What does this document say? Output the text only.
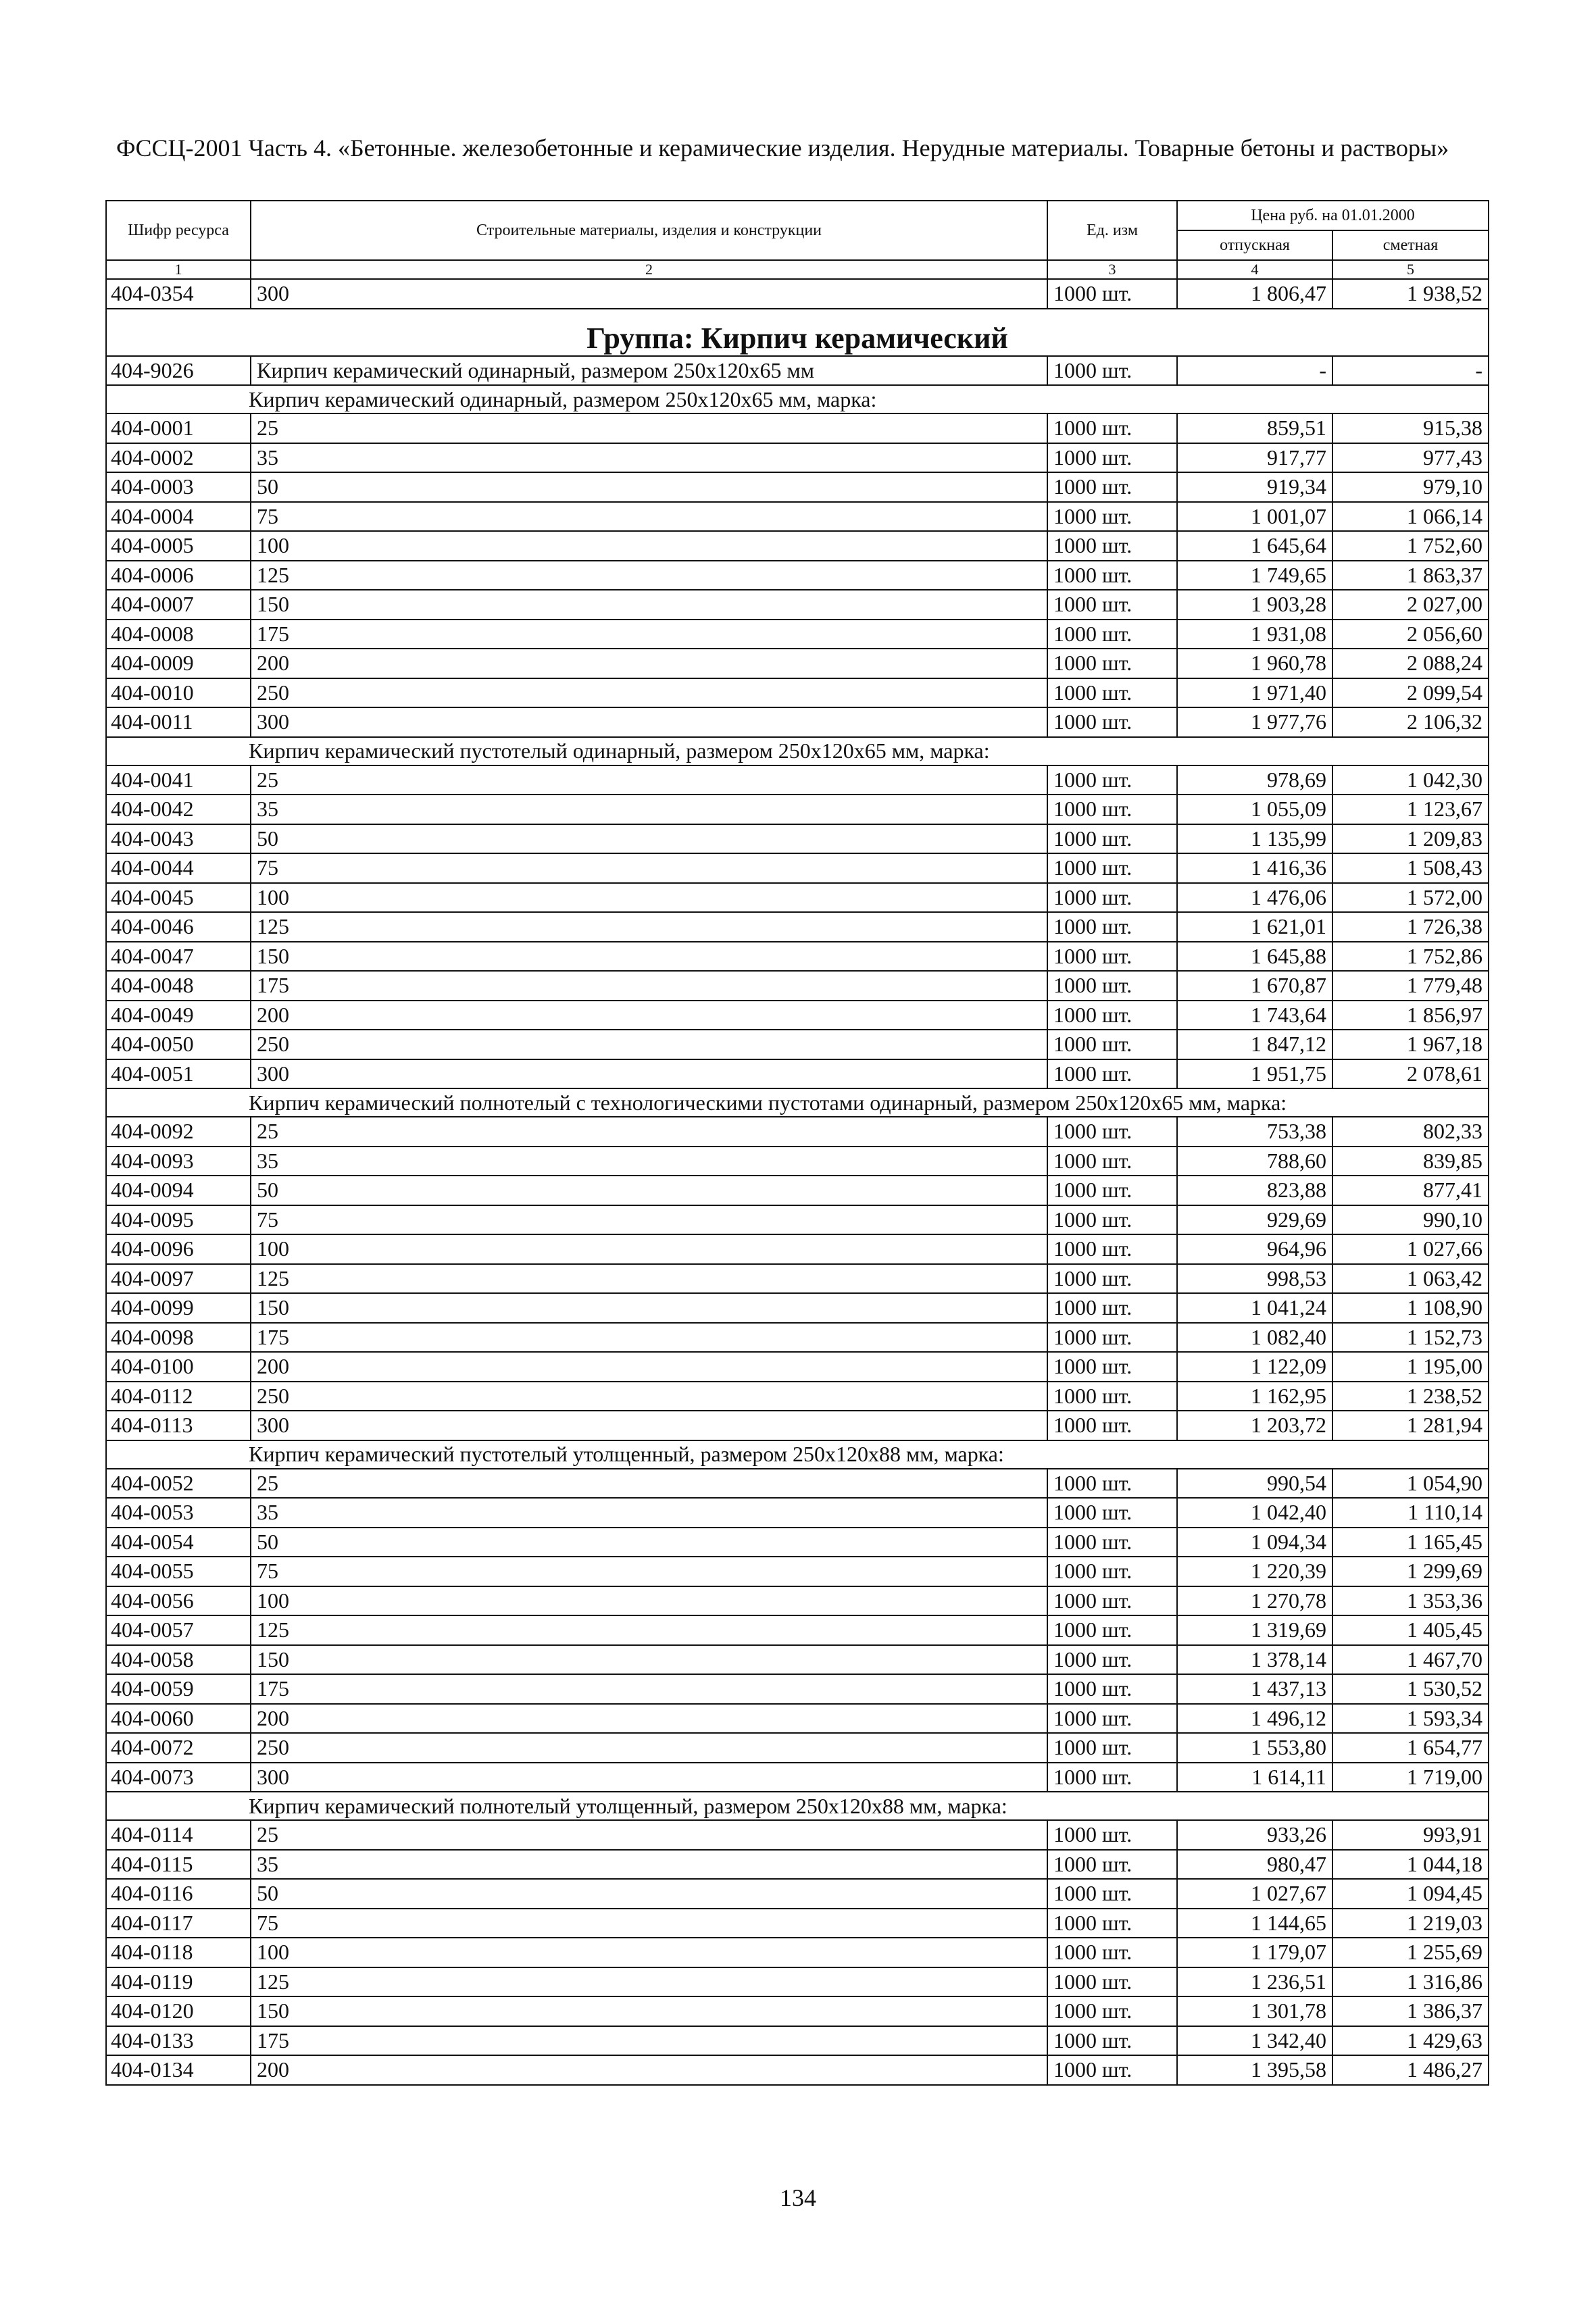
ФССЦ-2001 Часть 4. «Бетонные. железобетонные и керамические изделия. Нерудные материалы. Товарные бетоны и растворы»
Шифр ресурса	Строительные материалы, изделия и конструкции	Ед. изм	Цена руб. на 01.01.2000	
			отпускная	сметная
1	2	3	4	5
404-0354	300	1000 шт.	1 806,47	1 938,52
Группа: Кирпич керамический				
404-9026	Кирпич керамический одинарный, размером 250x120x65 мм	1000 шт.	-	-
Кирпич керамический одинарный, размером 250x120x65 мм, марка:				
404-0001	25	1000 шт.	859,51	915,38
404-0002	35	1000 шт.	917,77	977,43
404-0003	50	1000 шт.	919,34	979,10
404-0004	75	1000 шт.	1 001,07	1 066,14
404-0005	100	1000 шт.	1 645,64	1 752,60
404-0006	125	1000 шт.	1 749,65	1 863,37
404-0007	150	1000 шт.	1 903,28	2 027,00
404-0008	175	1000 шт.	1 931,08	2 056,60
404-0009	200	1000 шт.	1 960,78	2 088,24
404-0010	250	1000 шт.	1 971,40	2 099,54
404-0011	300	1000 шт.	1 977,76	2 106,32
Кирпич керамический пустотелый одинарный, размером 250x120x65 мм, марка:				
404-0041	25	1000 шт.	978,69	1 042,30
404-0042	35	1000 шт.	1 055,09	1 123,67
404-0043	50	1000 шт.	1 135,99	1 209,83
404-0044	75	1000 шт.	1 416,36	1 508,43
404-0045	100	1000 шт.	1 476,06	1 572,00
404-0046	125	1000 шт.	1 621,01	1 726,38
404-0047	150	1000 шт.	1 645,88	1 752,86
404-0048	175	1000 шт.	1 670,87	1 779,48
404-0049	200	1000 шт.	1 743,64	1 856,97
404-0050	250	1000 шт.	1 847,12	1 967,18
404-0051	300	1000 шт.	1 951,75	2 078,61
Кирпич керамический полнотелый с технологическими пустотами одинарный, размером 250x120x65 мм, марка:				
404-0092	25	1000 шт.	753,38	802,33
404-0093	35	1000 шт.	788,60	839,85
404-0094	50	1000 шт.	823,88	877,41
404-0095	75	1000 шт.	929,69	990,10
404-0096	100	1000 шт.	964,96	1 027,66
404-0097	125	1000 шт.	998,53	1 063,42
404-0099	150	1000 шт.	1 041,24	1 108,90
404-0098	175	1000 шт.	1 082,40	1 152,73
404-0100	200	1000 шт.	1 122,09	1 195,00
404-0112	250	1000 шт.	1 162,95	1 238,52
404-0113	300	1000 шт.	1 203,72	1 281,94
Кирпич керамический пустотелый утолщенный, размером 250x120x88 мм, марка:				
404-0052	25	1000 шт.	990,54	1 054,90
404-0053	35	1000 шт.	1 042,40	1 110,14
404-0054	50	1000 шт.	1 094,34	1 165,45
404-0055	75	1000 шт.	1 220,39	1 299,69
404-0056	100	1000 шт.	1 270,78	1 353,36
404-0057	125	1000 шт.	1 319,69	1 405,45
404-0058	150	1000 шт.	1 378,14	1 467,70
404-0059	175	1000 шт.	1 437,13	1 530,52
404-0060	200	1000 шт.	1 496,12	1 593,34
404-0072	250	1000 шт.	1 553,80	1 654,77
404-0073	300	1000 шт.	1 614,11	1 719,00
Кирпич керамический полнотелый утолщенный, размером 250x120x88 мм, марка:				
404-0114	25	1000 шт.	933,26	993,91
404-0115	35	1000 шт.	980,47	1 044,18
404-0116	50	1000 шт.	1 027,67	1 094,45
404-0117	75	1000 шт.	1 144,65	1 219,03
404-0118	100	1000 шт.	1 179,07	1 255,69
404-0119	125	1000 шт.	1 236,51	1 316,86
404-0120	150	1000 шт.	1 301,78	1 386,37
404-0133	175	1000 шт.	1 342,40	1 429,63
404-0134	200	1000 шт.	1 395,58	1 486,27
134
